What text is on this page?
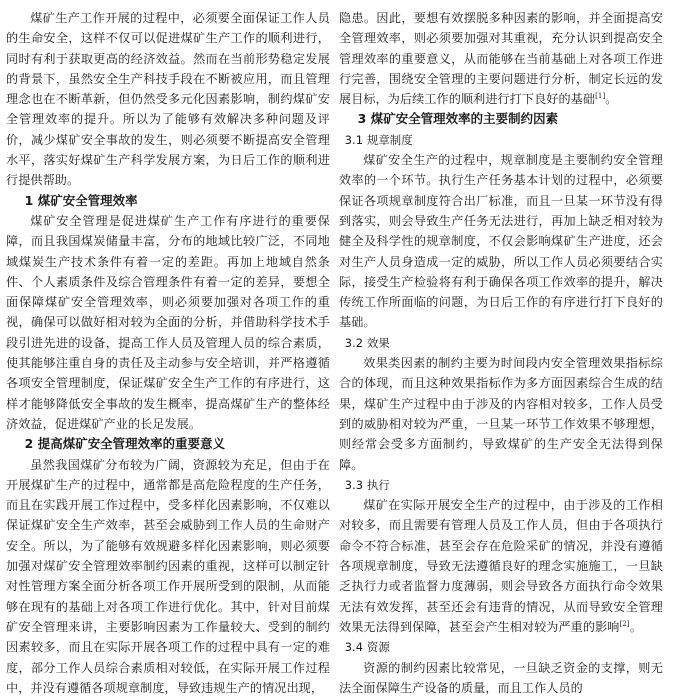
煤矿生产工作开展的过程中，必须要全面保证工作人员的生命安全，这样不仅可以促进煤矿生产工作的顺利进行，同时有利于获取更高的经济效益。然而在当前形势稳定发展的背景下，虽然安全生产科技手段在不断被应用，而且管理理念也在不断革新，但仍然受多元化因素影响，制约煤矿安全管理效率的提升。所以为了能够有效解决多种问题及评价，减少煤矿安全事故的发生，则必须要不断提高安全管理水平，落实好煤矿生产科学发展方案，为日后工作的顺利进行提供帮助。

1 煤矿安全管理效率

煤矿安全管理是促进煤矿生产工作有序进行的重要保障，而且我国煤炭储量丰富，分布的地域比较广泛，不同地域煤炭生产技术条件有着一定的差距。再加上地域自然条件、个人素质条件及综合管理条件有着一定的差异，要想全面保障煤矿安全管理效率，则必须要加强对各项工作的重视，确保可以做好相对较为全面的分析，并借助科学技术手段引进先进的设备，提高工作人员及管理人员的综合素质，使其能够注重自身的责任及主动参与安全培训，并严格遵循各项安全管理制度，保证煤矿安全生产工作的有序进行，这样才能够降低安全事故的发生概率，提高煤矿生产的整体经济效益，促进煤矿产业的长足发展。

2 提高煤矿安全管理效率的重要意义

虽然我国煤矿分布较为广阔，资源较为充足，但由于在开展煤矿生产的过程中，通常都是高危险程度的生产任务，而且在实践开展工作过程中，受多样化因素影响，不仅难以保证煤矿安全生产效率，甚至会威胁到工作人员的生命财产安全。所以，为了能够有效规避多样化因素影响，则必须要加强对煤矿安全管理效率制约因素的重视，这样可以制定针对性管理方案全面分析各项工作开展所受到的限制，从而能够在现有的基础上对各项工作进行优化。其中，针对目前煤矿安全管理来讲，主要影响因素为工作量较大、受到的制约因素较多，而且在实际开展各项工作的过程中具有一定的难度，部分工作人员综合素质相对较低，在实际开展工作过程中，并没有遵循各项规章制度，导致违规生产的情况出现，

隐患。因此，要想有效摆脱多种因素的影响，并全面提高安全管理效率，则必须要加强对其重视，充分认识到提高安全管理效率的重要意义，从而能够在当前基础上对各项工作进行完善，围绕安全管理的主要问题进行分析，制定长远的发展目标，为后续工作的顺利进行打下良好的基础[1]。

3 煤矿安全管理效率的主要制约因素
3.1 规章制度

煤矿安全生产的过程中，规章制度是主要制约安全管理效率的一个环节。执行生产任务基本计划的过程中，必须要保证各项规章制度符合出厂标准，而且一旦某一环节没有得到落实，则会导致生产任务无法进行，再加上缺乏相对较为健全及科学性的规章制度，不仅会影响煤矿生产进度，还会对生产人员身造成一定的威胁，所以工作人员必须要结合实际，接受生产检验将有利于确保各项工作效率的提升，解决传统工作所面临的问题，为日后工作的有序进行打下良好的基础。

3.2 效果

效果类因素的制约主要为时间段内安全管理效果指标综合的体现，而且这种效果指标作为多方面因素综合生成的结果，煤矿生产过程中由于涉及的内容相对较多，工作人员受到的威胁相对较为严重，一旦某一环节工作效果不够理想，则经常会受多方面制约，导致煤矿的生产安全无法得到保障。

3.3 执行

煤矿在实际开展安全生产的过程中，由于涉及的工作相对较多，而且需要有管理人员及工作人员，但由于各项执行命令不符合标准，甚至会存在危险采矿的情况，并没有遵循各项规章制度，导致无法遵循良好的理念实施施工，一旦缺乏执行力或者监督力度薄弱，则会导致各方面执行命令效果无法有效发挥，甚至还会有违背的情况，从而导致安全管理效果无法得到保障，甚至会产生相对较为严重的影响[2]。

3.4 资源

资源的制约因素比较常见，一旦缺乏资金的支撑，则无法全面保障生产设备的质量，而且工作人员的
